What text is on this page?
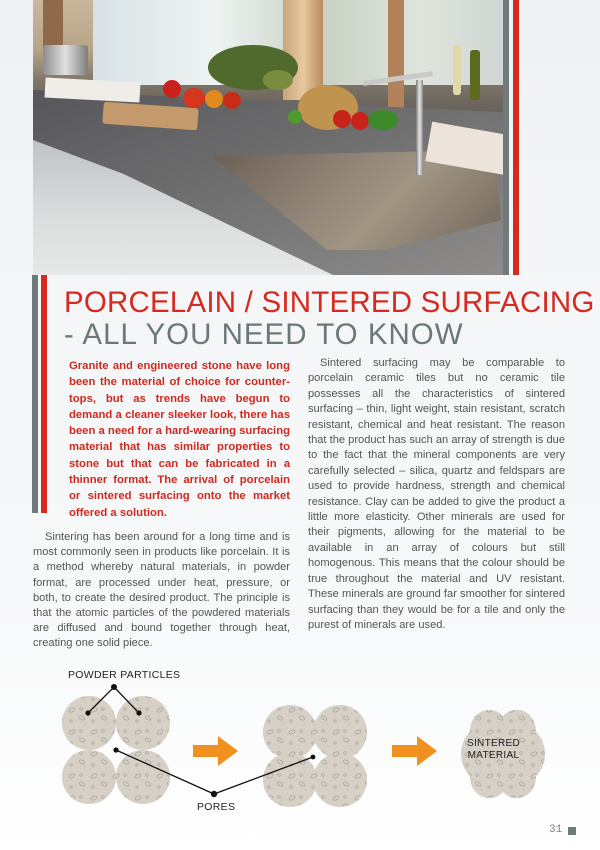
PORCELAIN / SINTERED SURFACING
- ALL YOU NEED TO KNOW

Granite and engineered stone have long been the material of choice for counter-tops, but as trends have begun to demand a cleaner sleeker look, there has been a need for a hard-wearing surfacing material that has similar properties to stone but that can be fabricated in a thinner format. The arrival of porcelain or sintered surfacing onto the market offered a solution.

Sintering has been around for a long time and is most commonly seen in products like porcelain. It is a method whereby natural materials, in powder format, are processed under heat, pressure, or both, to create the desired product. The principle is that the atomic particles of the powdered materials are diffused and bound together through heat, creating one solid piece.

Sintered surfacing may be comparable to porcelain ceramic tiles but no ceramic tile possesses all the characteristics of sintered surfacing – thin, light weight, stain resistant, scratch resistant, chemical and heat resistant. The reason that the product has such an array of strength is due to the fact that the mineral components are very carefully selected – silica, quartz and feldspars are used to provide hardness, strength and chemical resistance. Clay can be added to give the product a little more elasticity. Other minerals are used for their pigments, allowing for the material to be available in an array of colours but still homogenous. This means that the colour should be true throughout the material and UV resistant. These minerals are ground far smoother for sintered surfacing than they would be for a tile and only the purest of minerals are used.

POWDER PARTICLES
PORES
SINTERED
MATERIAL
31
